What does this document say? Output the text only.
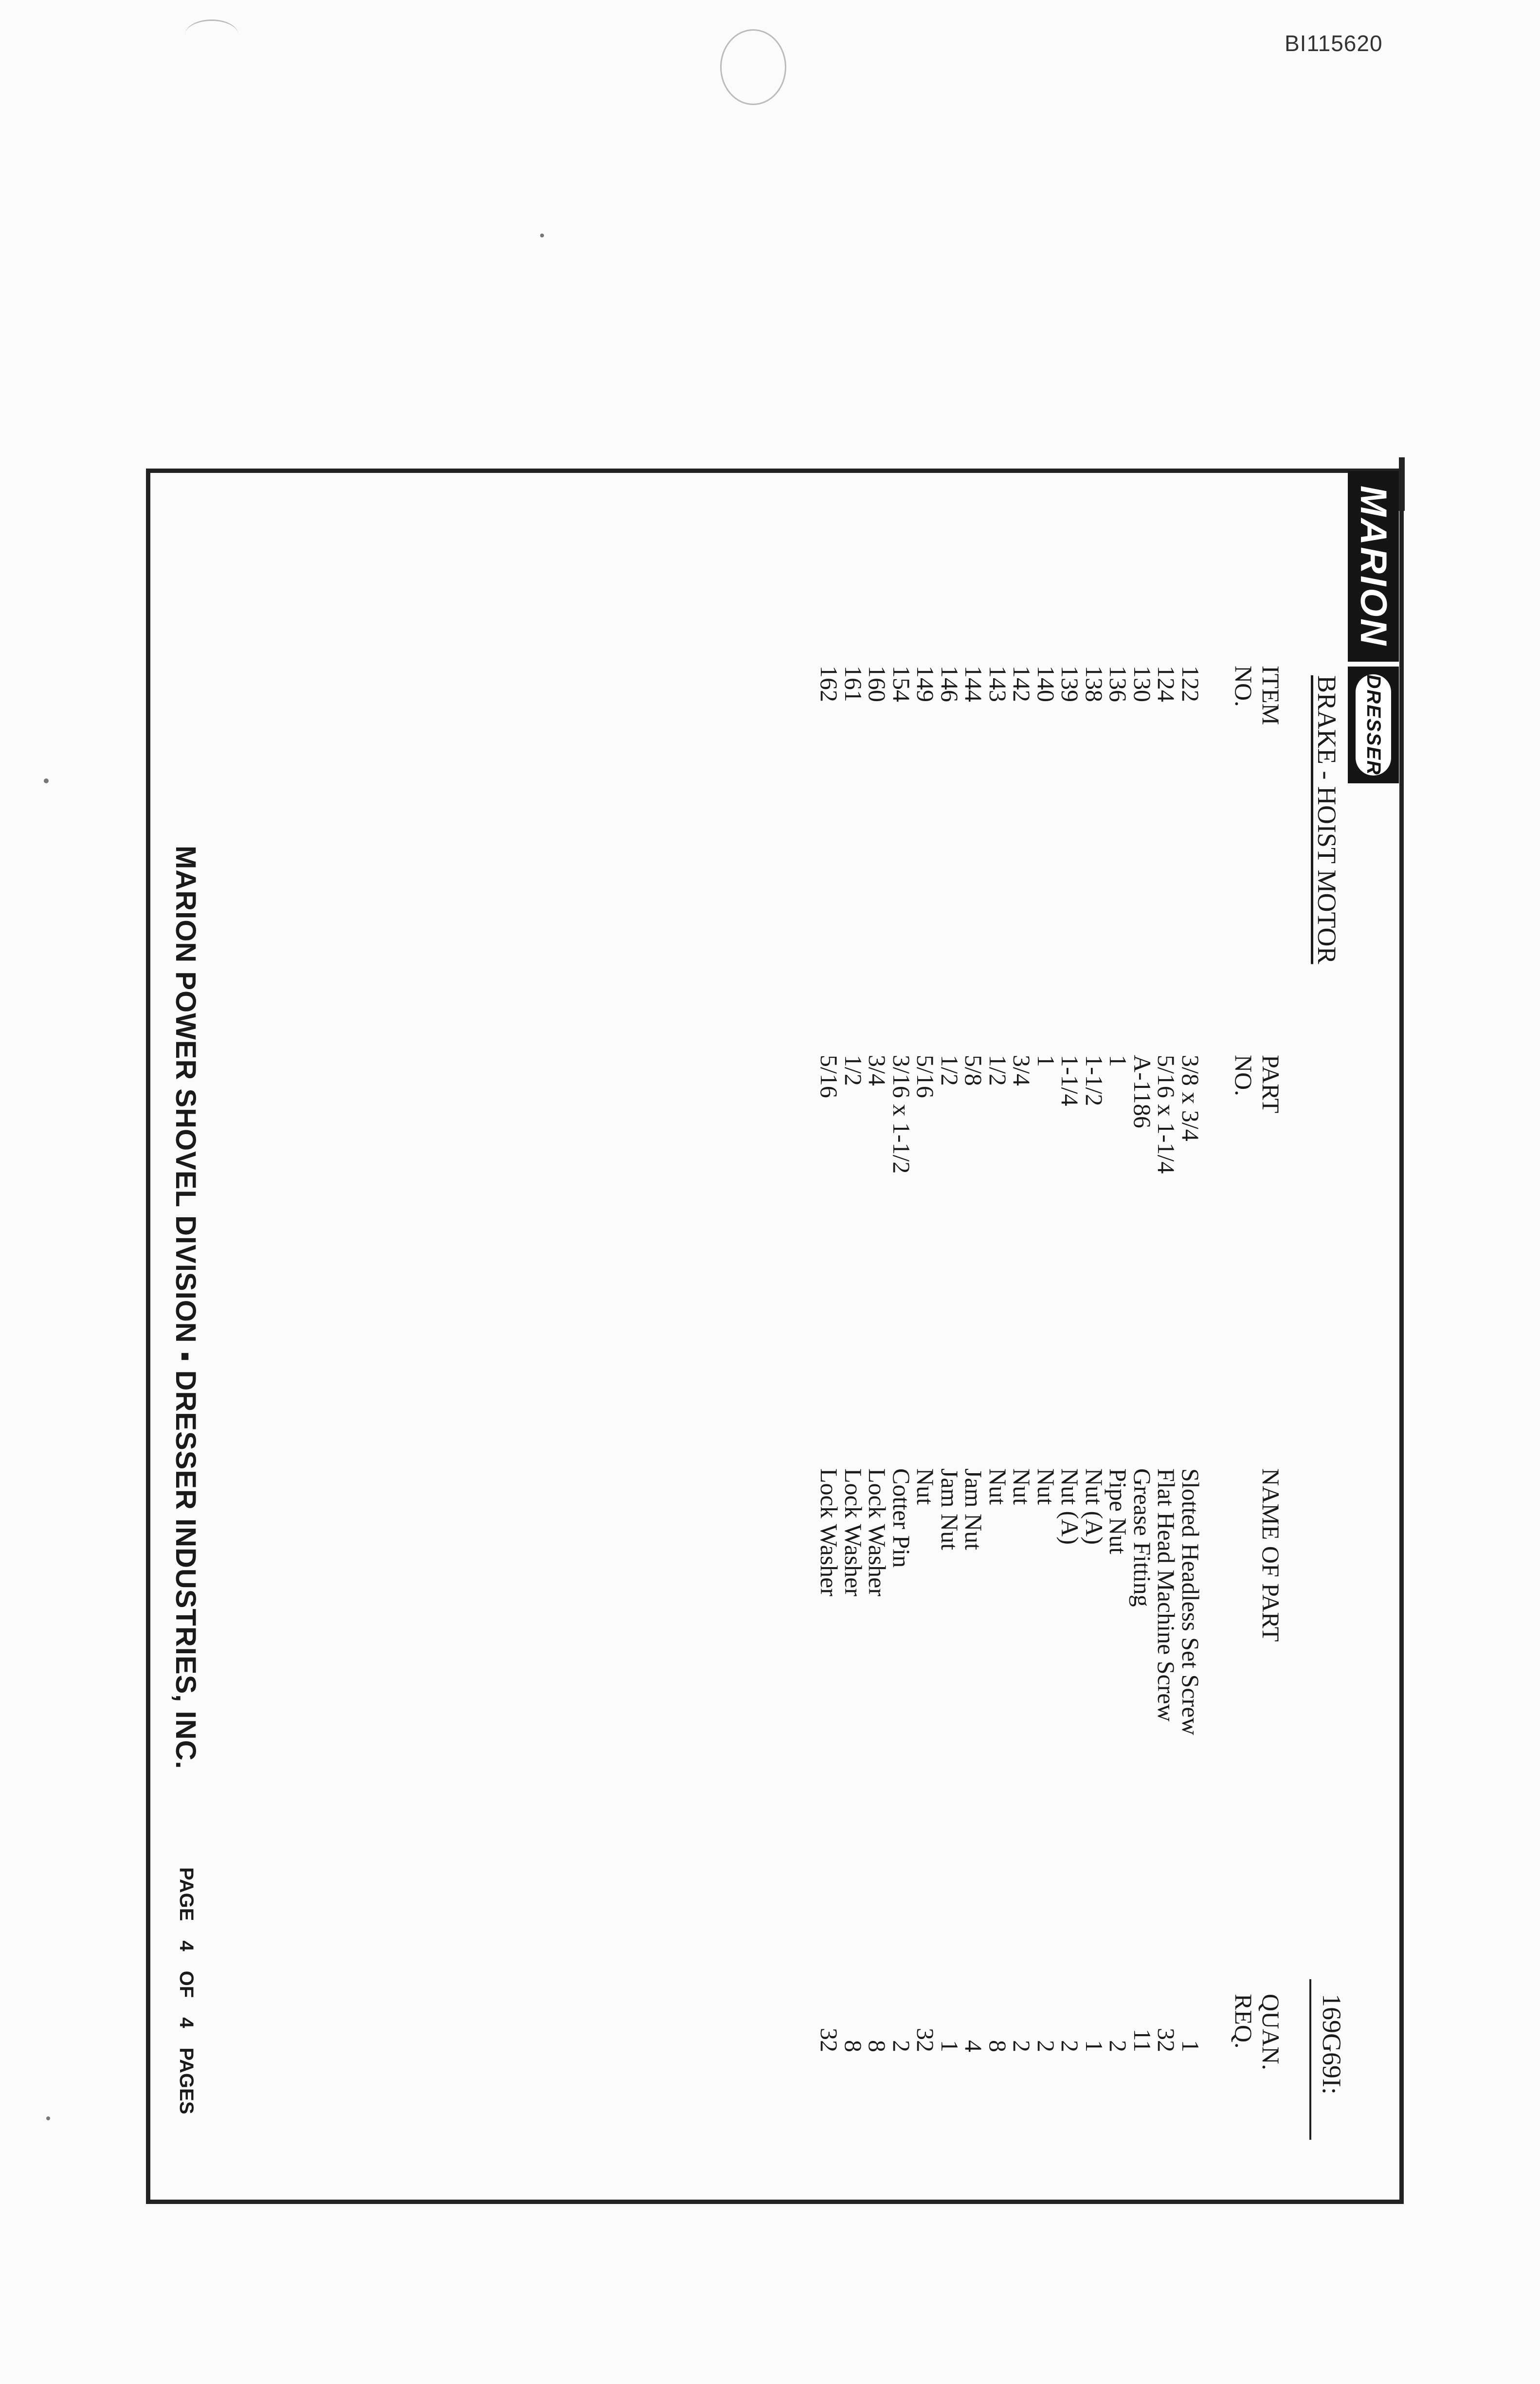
BI115620
MARION
DRESSER
BRAKE - HOIST MOTOR
169G69I:
ITEM
NO.
PART
NO.
NAME OF PART
QUAN.
REQ.
122
3/8 x 3/4
Slotted Headless Set Screw
1
124
5/16 x 1-1/4
Flat Head Machine Screw
32
130
A-1186
Grease Fitting
11
136
1
Pipe Nut
2
138
1-1/2
Nut (A)
1
139
1-1/4
Nut (A)
2
140
1
Nut
2
142
3/4
Nut
2
143
1/2
Nut
8
144
5/8
Jam Nut
4
146
1/2
Jam Nut
1
149
5/16
Nut
32
154
3/16 x 1-1/2
Cotter Pin
2
160
3/4
Lock Washer
8
161
1/2
Lock Washer
8
162
5/16
Lock Washer
32
MARION POWER SHOVEL DIVISION ▪ DRESSER INDUSTRIES, INC.
PAGE
4
OF
4
PAGES
